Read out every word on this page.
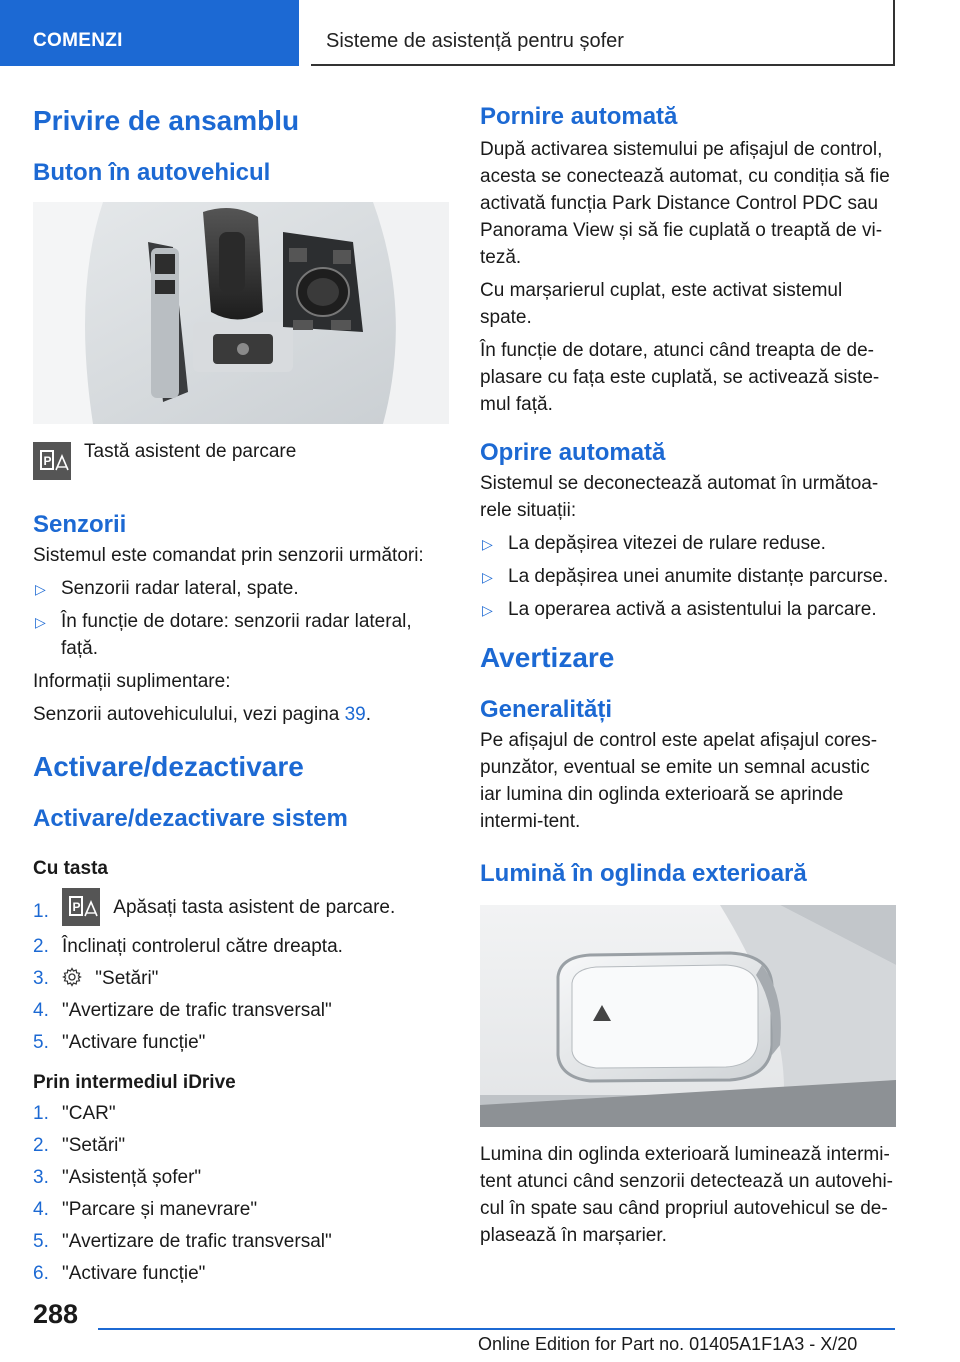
COMENZI	Sisteme de asistență pentru șofer
Privire de ansamblu
Buton în autovehicul
P Tastă asistent de parcare
Senzorii

Sistemul este comandat prin senzorii următori:

▷ Senzorii radar lateral, spate.
▷ În funcție de dotare: senzorii radar lateral, față.

Informații suplimentare:

Senzorii autovehiculului, vezi pagina 39.

Activare/dezactivare
Activare/dezactivare sistem
Cu tasta
1. P Apăsați tasta asistent de parcare.
2. Înclinați controlerul către dreapta.
3. "Setări"
4. "Avertizare de trafic transversal"
5. "Activare funcție"
Prin intermediul iDrive
1. "CAR"
2. "Setări"
3. "Asistență șofer"
4. "Parcare și manevrare"
5. "Avertizare de trafic transversal"
6. "Activare funcție"
Pornire automată

După activarea sistemului pe afișajul de control, acesta se conectează automat, cu condiția să fie activată funcția Park Distance Control PDC sau Panorama View și să fie cuplată o treaptă de vi-teză.

Cu marșarierul cuplat, este activat sistemul spate.

În funcție de dotare, atunci când treapta de de-plasare cu fața este cuplată, se activează siste-mul față.

Oprire automată

Sistemul se deconectează automat în următoa-rele situații:

▷ La depășirea vitezei de rulare reduse.
▷ La depășirea unei anumite distanțe parcurse.
▷ La operarea activă a asistentului la parcare.
Avertizare
Generalități

Pe afișajul de control este apelat afișajul cores-punzător, eventual se emite un semnal acustic iar lumina din oglinda exterioară se aprinde intermi-tent.

Lumină în oglinda exterioară

Lumina din oglinda exterioară luminează intermi-tent atunci când senzorii detectează un autovehi-cul în spate sau când propriul autovehicul se de-plasează în marșarier.

288
Online Edition for Part no. 01405A1F1A3 - X/20
